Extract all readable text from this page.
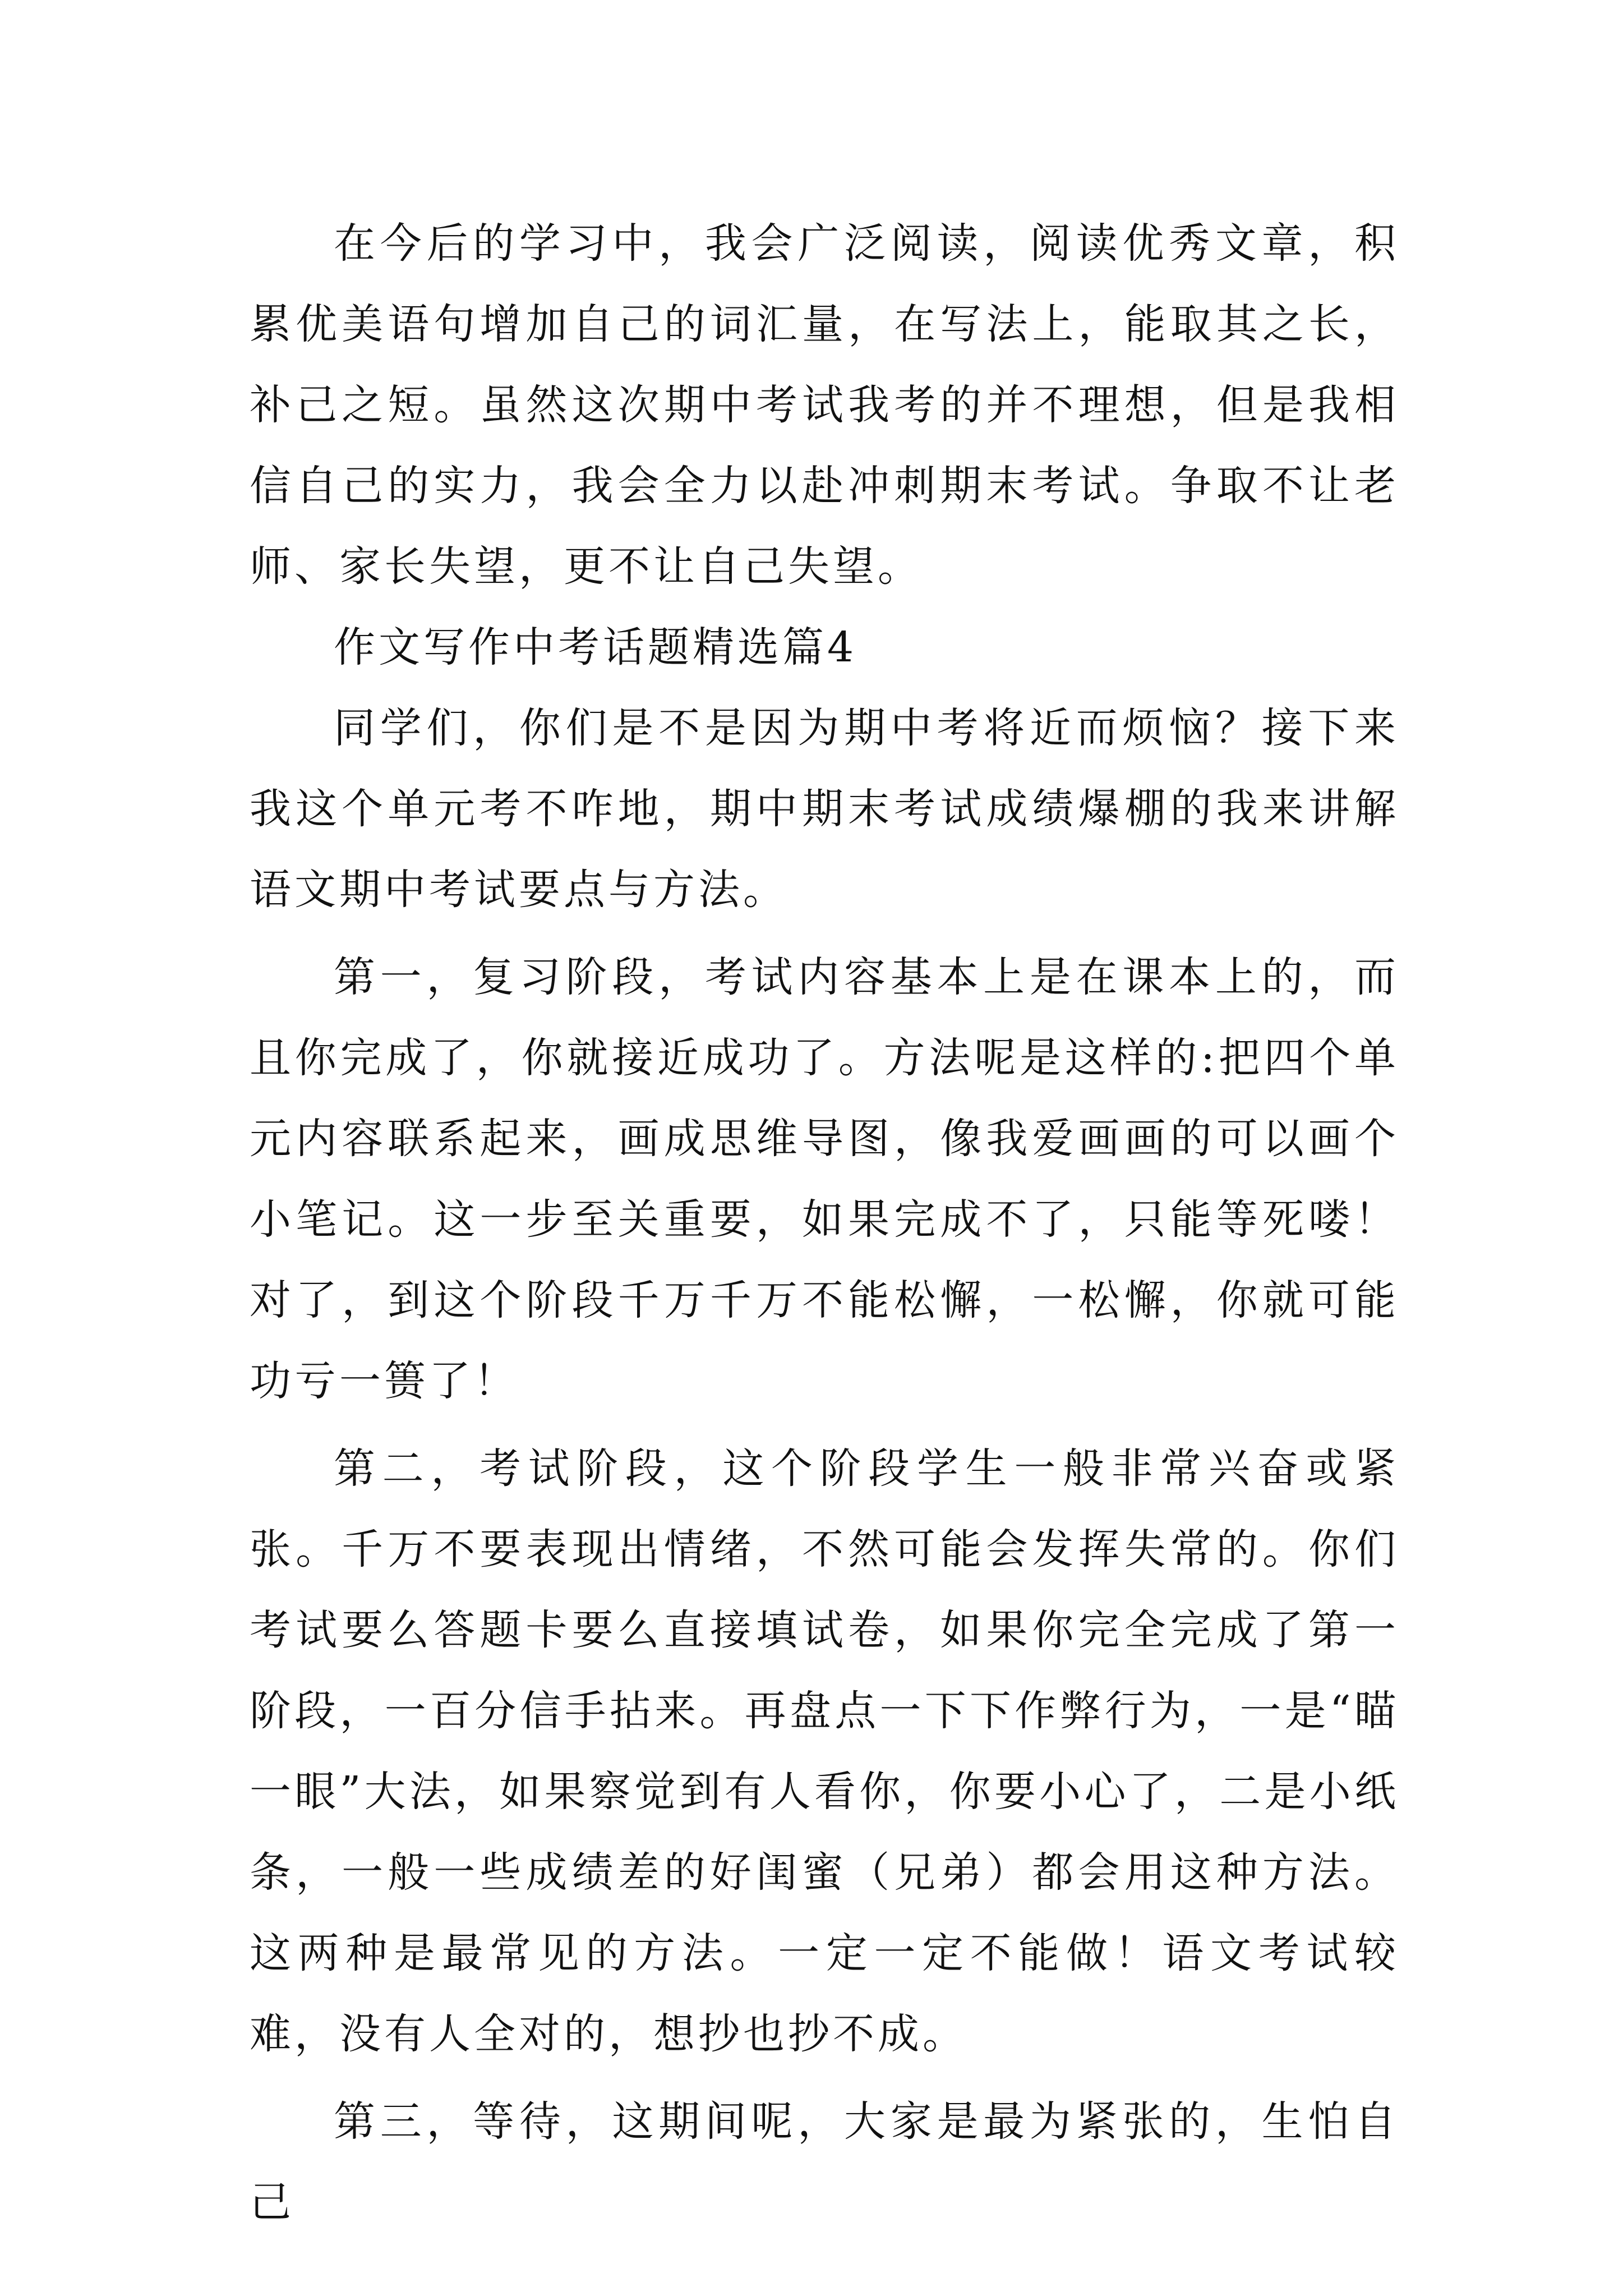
在今后的学习中，我会广泛阅读，阅读优秀文章，积累优美语句增加自己的词汇量，在写法上，能取其之长，补己之短。虽然这次期中考试我考的并不理想，但是我相信自己的实力，我会全力以赴冲刺期末考试。争取不让老师、家长失望，更不让自己失望。

作文写作中考话题精选篇4

同学们，你们是不是因为期中考将近而烦恼？接下来我这个单元考不咋地，期中期末考试成绩爆棚的我来讲解语文期中考试要点与方法。

第一，复习阶段，考试内容基本上是在课本上的，而且你完成了，你就接近成功了。方法呢是这样的:把四个单元内容联系起来，画成思维导图，像我爱画画的可以画个小笔记。这一步至关重要，如果完成不了，只能等死喽！对了，到这个阶段千万千万不能松懈，一松懈，你就可能功亏一篑了！

第二，考试阶段，这个阶段学生一般非常兴奋或紧张。千万不要表现出情绪，不然可能会发挥失常的。你们考试要么答题卡要么直接填试卷，如果你完全完成了第一阶段，一百分信手拈来。再盘点一下下作弊行为，一是“瞄一眼”大法，如果察觉到有人看你，你要小心了，二是小纸条，一般一些成绩差的好闺蜜（兄弟）都会用这种方法。这两种是最常见的方法。一定一定不能做！语文考试较难，没有人全对的，想抄也抄不成。

第三，等待，这期间呢，大家是最为紧张的，生怕自己
